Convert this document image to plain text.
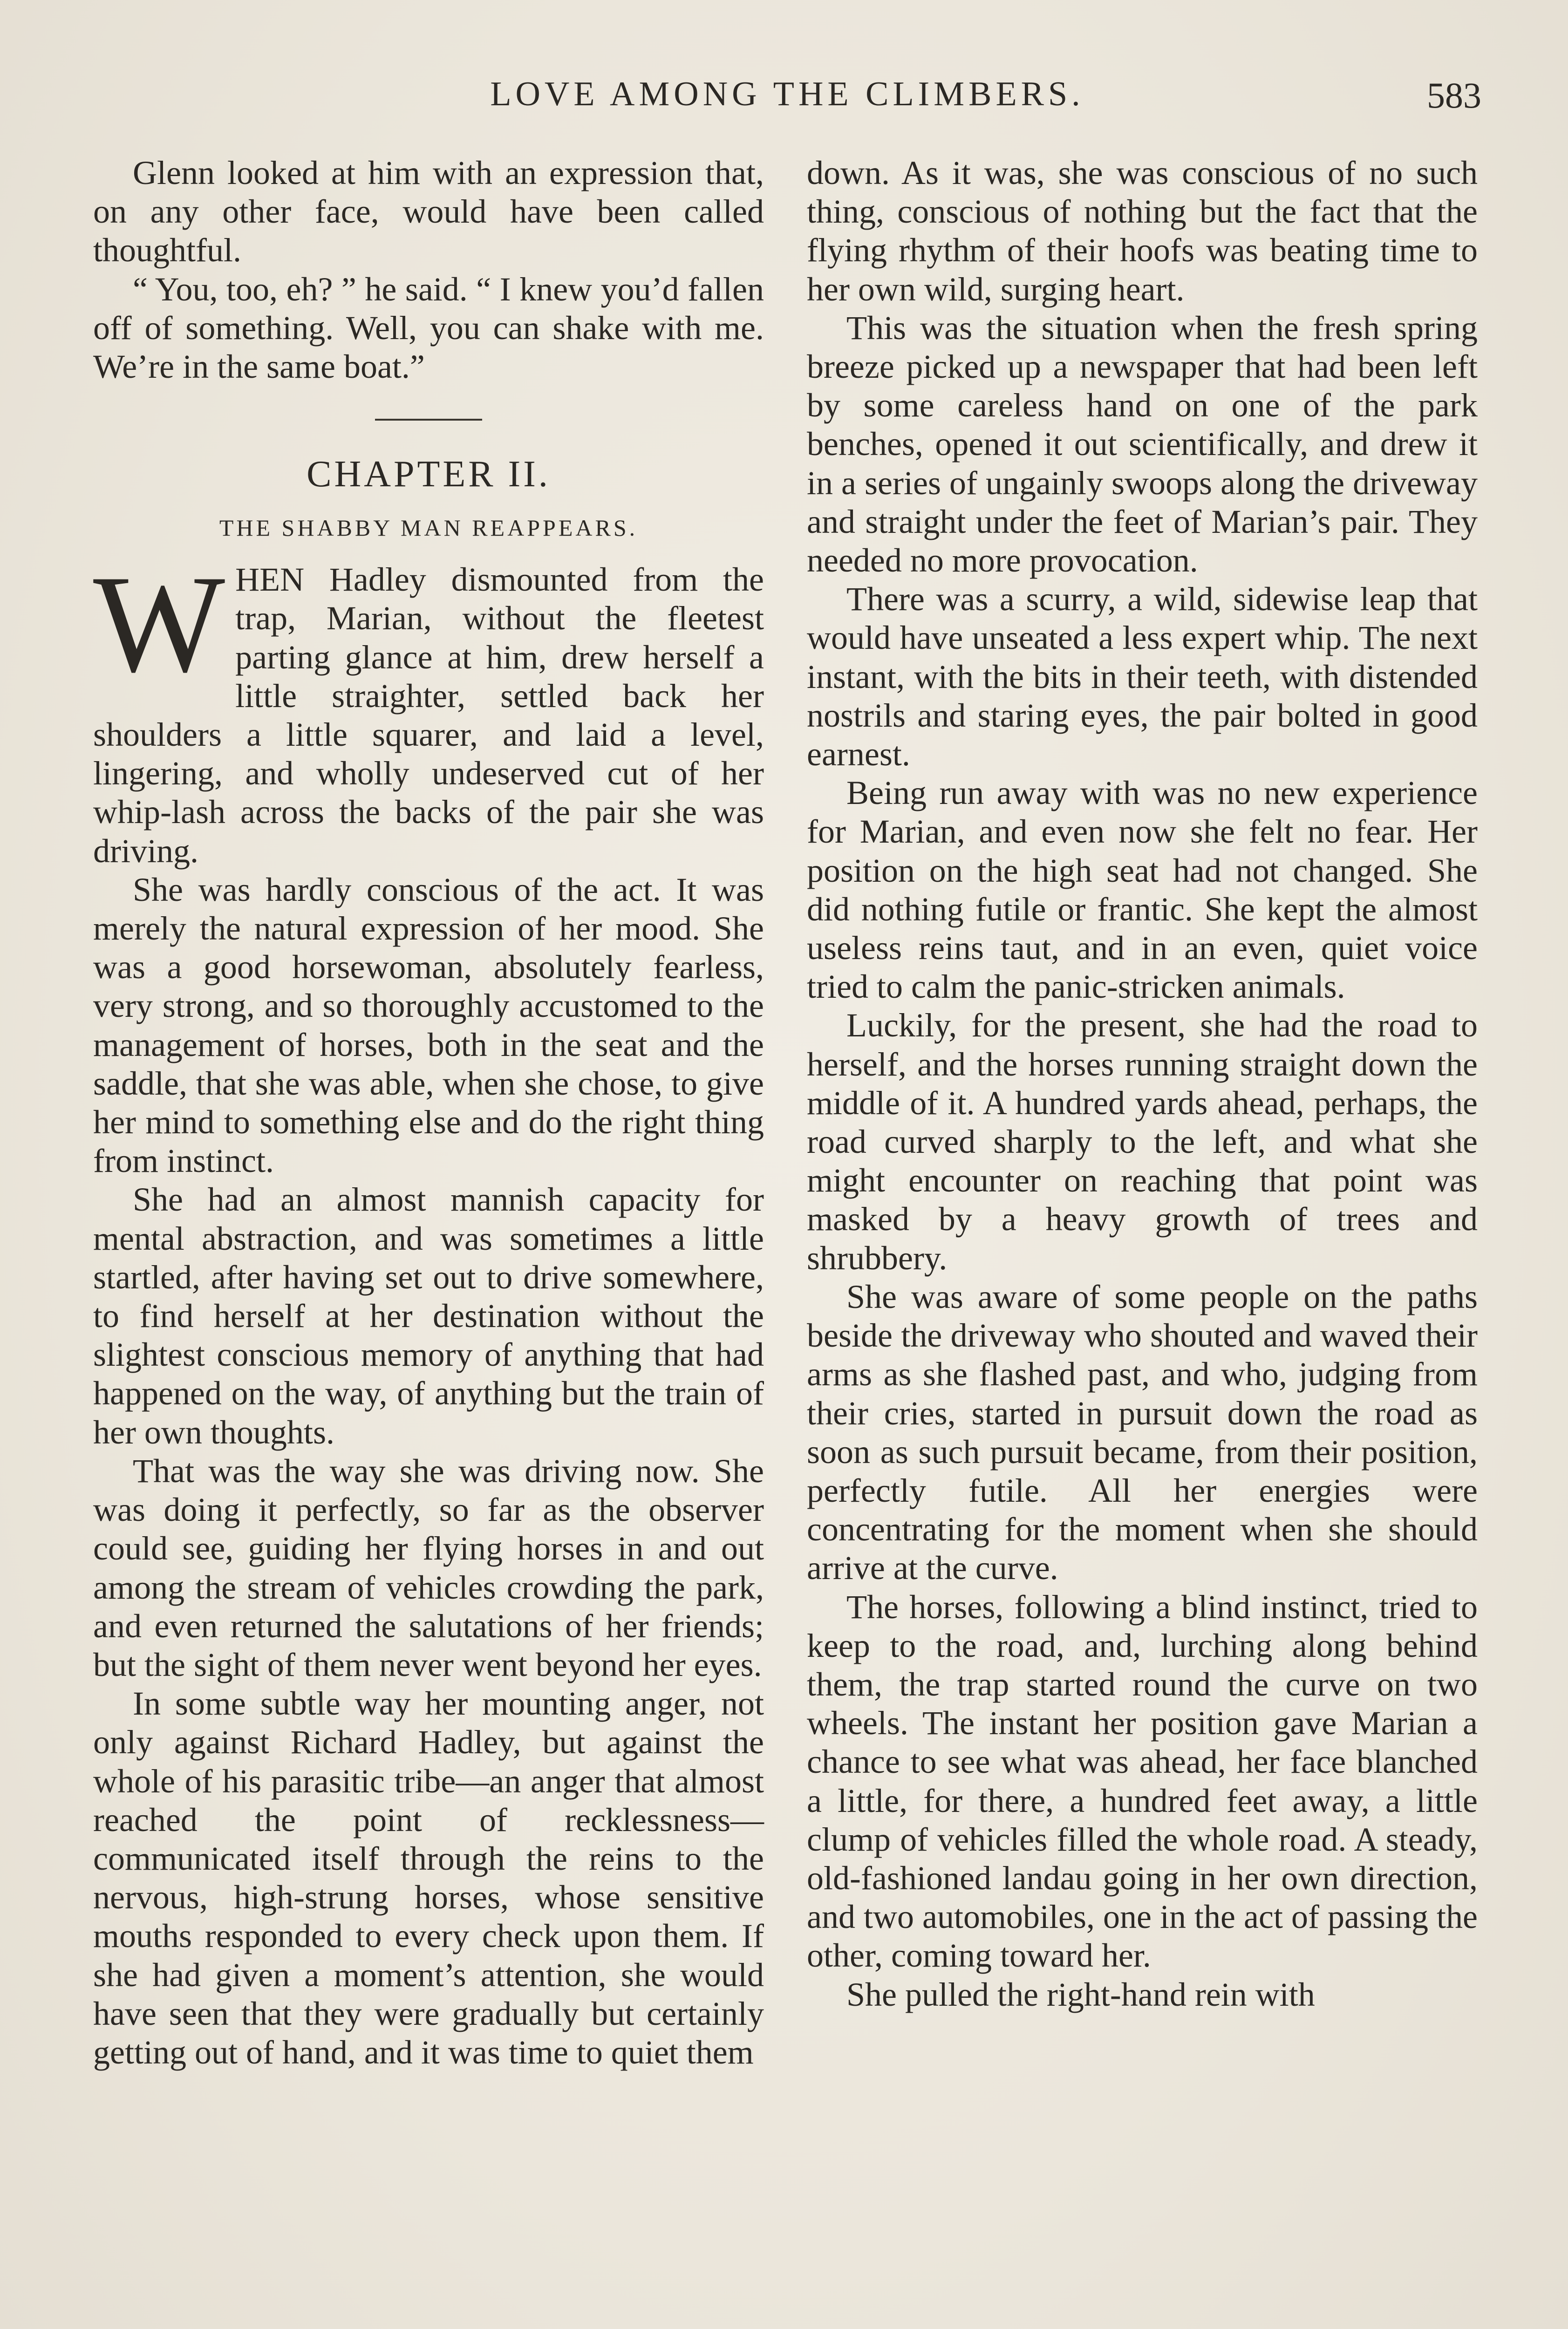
LOVE AMONG THE CLIMBERS.	583

Glenn looked at him with an expression that, on any other face, would have been called thoughtful.

“ You, too, eh? ” he said. “ I knew you’d fallen off of something. Well, you can shake with me. We’re in the same boat.”

CHAPTER II.
THE SHABBY MAN REAPPEARS.

WHEN Hadley dismounted from the trap, Marian, without the fleetest parting glance at him, drew herself a little straighter, settled back her shoulders a little squarer, and laid a level, lingering, and wholly undeserved cut of her whip-lash across the backs of the pair she was driving.

She was hardly conscious of the act. It was merely the natural expression of her mood. She was a good horsewoman, absolutely fearless, very strong, and so thoroughly accustomed to the management of horses, both in the seat and the saddle, that she was able, when she chose, to give her mind to something else and do the right thing from instinct.

She had an almost mannish capacity for mental abstraction, and was sometimes a little startled, after having set out to drive somewhere, to find herself at her destination without the slightest conscious memory of anything that had happened on the way, of anything but the train of her own thoughts.

That was the way she was driving now. She was doing it perfectly, so far as the observer could see, guiding her flying horses in and out among the stream of vehicles crowding the park, and even returned the salutations of her friends; but the sight of them never went beyond her eyes.

In some subtle way her mounting anger, not only against Richard Hadley, but against the whole of his parasitic tribe—an anger that almost reached the point of recklessness—communicated itself through the reins to the nervous, high-strung horses, whose sensitive mouths responded to every check upon them. If she had given a moment’s attention, she would have seen that they were gradually but certainly getting out of hand, and it was time to quiet them

down. As it was, she was conscious of no such thing, conscious of nothing but the fact that the flying rhythm of their hoofs was beating time to her own wild, surging heart.

This was the situation when the fresh spring breeze picked up a newspaper that had been left by some careless hand on one of the park benches, opened it out scientifically, and drew it in a series of ungainly swoops along the driveway and straight under the feet of Marian’s pair. They needed no more provocation.

There was a scurry, a wild, sidewise leap that would have unseated a less expert whip. The next instant, with the bits in their teeth, with distended nostrils and staring eyes, the pair bolted in good earnest.

Being run away with was no new experience for Marian, and even now she felt no fear. Her position on the high seat had not changed. She did nothing futile or frantic. She kept the almost useless reins taut, and in an even, quiet voice tried to calm the panic-stricken animals.

Luckily, for the present, she had the road to herself, and the horses running straight down the middle of it. A hundred yards ahead, perhaps, the road curved sharply to the left, and what she might encounter on reaching that point was masked by a heavy growth of trees and shrubbery.

She was aware of some people on the paths beside the driveway who shouted and waved their arms as she flashed past, and who, judging from their cries, started in pursuit down the road as soon as such pursuit became, from their position, perfectly futile. All her energies were concentrating for the moment when she should arrive at the curve.

The horses, following a blind instinct, tried to keep to the road, and, lurching along behind them, the trap started round the curve on two wheels. The instant her position gave Marian a chance to see what was ahead, her face blanched a little, for there, a hundred feet away, a little clump of vehicles filled the whole road. A steady, old-fashioned landau going in her own direction, and two automobiles, one in the act of passing the other, coming toward her.

She pulled the right-hand rein with
